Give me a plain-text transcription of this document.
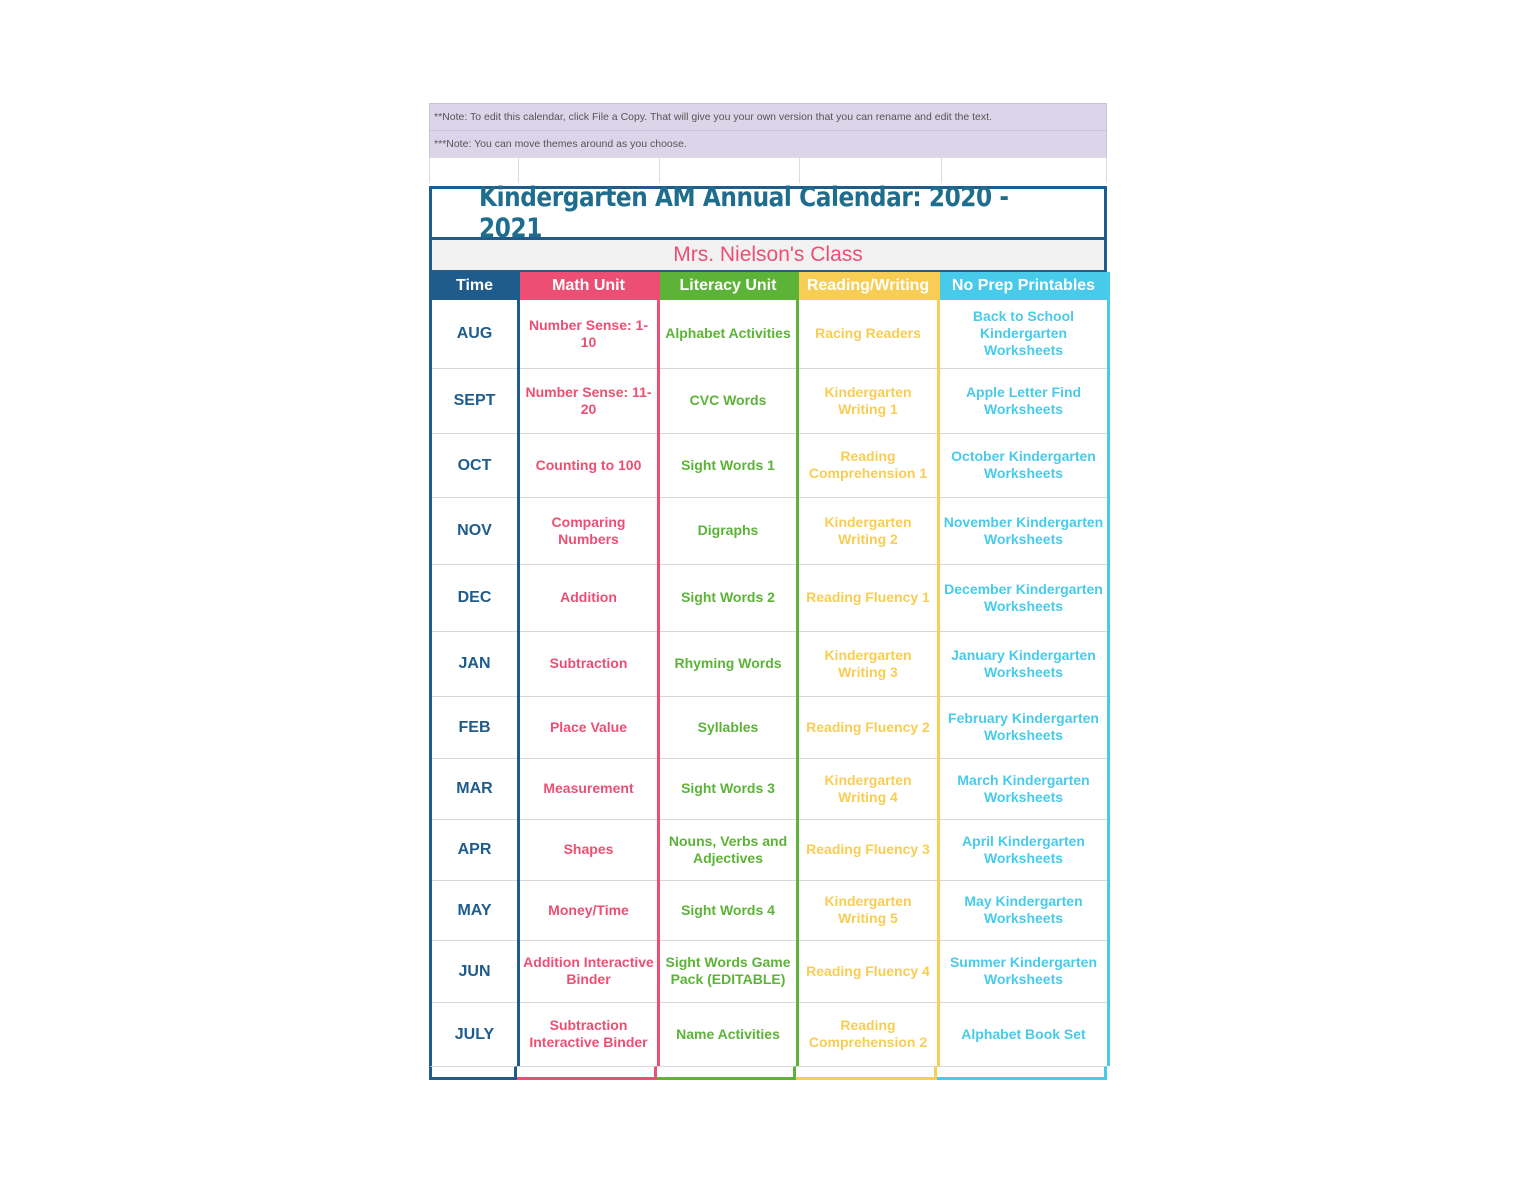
**Note: To edit this calendar, click File a Copy. That will give you your own version that you can rename and edit the text.
***Note: You can move themes around as you choose.
Kindergarten AM Annual Calendar: 2020 - 2021
Mrs. Nielson's Class
Time	Math Unit	Literacy Unit	Reading/Writing	No Prep Printables
AUG	Number Sense: 1-10	Alphabet Activities	Racing Readers	Back to School Kindergarten Worksheets
SEPT	Number Sense: 11-20	CVC Words	Kindergarten Writing 1	Apple Letter Find Worksheets
OCT	Counting to 100	Sight Words 1	Reading Comprehension 1	October Kindergarten Worksheets
NOV	Comparing Numbers	Digraphs	Kindergarten Writing 2	November Kindergarten Worksheets
DEC	Addition	Sight Words 2	Reading Fluency 1	December Kindergarten Worksheets
JAN	Subtraction	Rhyming Words	Kindergarten Writing 3	January Kindergarten Worksheets
FEB	Place Value	Syllables	Reading Fluency 2	February Kindergarten Worksheets
MAR	Measurement	Sight Words 3	Kindergarten Writing 4	March Kindergarten Worksheets
APR	Shapes	Nouns, Verbs and Adjectives	Reading Fluency 3	April Kindergarten Worksheets
MAY	Money/Time	Sight Words 4	Kindergarten Writing 5	May Kindergarten Worksheets
JUN	Addition Interactive Binder	Sight Words Game Pack (EDITABLE)	Reading Fluency 4	Summer Kindergarten Worksheets
JULY	Subtraction Interactive Binder	Name Activities	Reading Comprehension 2	Alphabet Book Set
